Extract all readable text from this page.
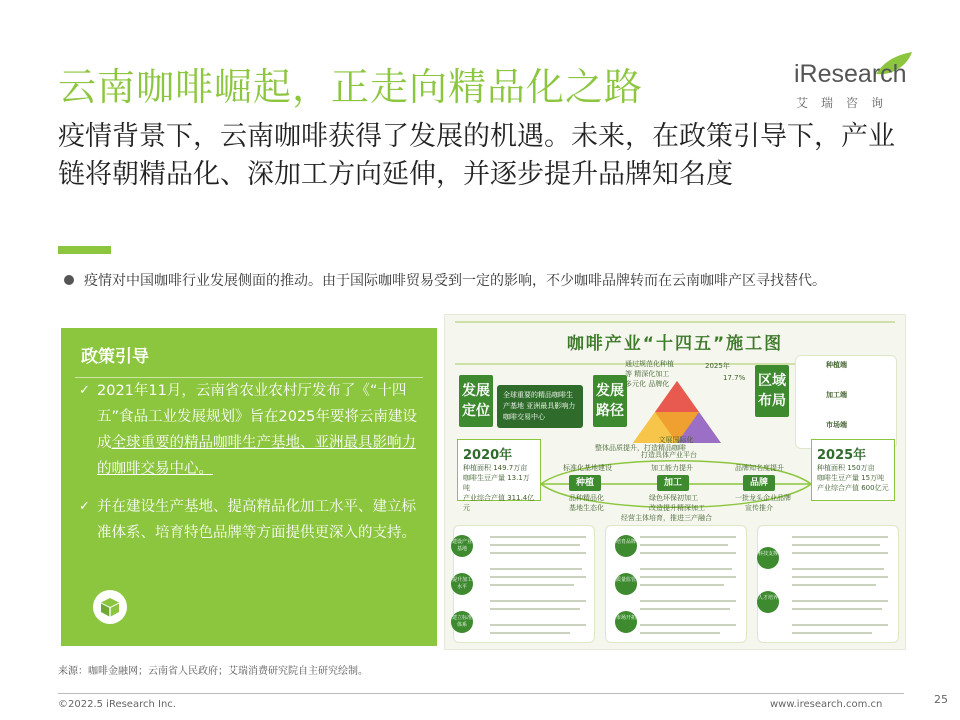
云南咖啡崛起，正走向精品化之路	iResearch
艾瑞咨询
疫情背景下，云南咖啡获得了发展的机遇。未来，在政策引导下，产业链将朝精品化、深加工方向延伸，并逐步提升品牌知名度
疫情对中国咖啡行业发展侧面的推动。由于国际咖啡贸易受到一定的影响，不少咖啡品牌转而在云南咖啡产区寻找替代。
政策引导
✓ 2021年11月，云南省农业农村厅发布了《“十四五”食品工业发展规划》旨在2025年要将云南建设成全球重要的精品咖啡生产基地、亚洲最具影响力的咖啡交易中心。
✓ 并在建设生产基地、提高精品化加工水平、建立标准体系、培育特色品牌等方面提供更深入的支持。
咖啡产业“十四五”施工图
发展定位
全球重要的精品咖啡生产基地 亚洲最具影响力咖啡交易中心
发展路径
文展国际化
通过规范化种植等 精深化加工 多元化 品牌化
2025年
17.7% 区域布局
种植端
加工端
市场端
打造具体产业平台
2020年
种植面积 149.7万亩
咖啡生豆产量 13.1万吨
产业综合产值 311.4亿元
2025年
种植面积 150万亩
咖啡生豆产量 15万吨
产业综合产值 600亿元
整体品质提升，打造精品咖啡
种植	加工	品牌
标准化基地建设
品种精品化
基地生态化
加工能力提升
绿色环保初加工
改造提升精深加工
品牌知名度提升
一批龙头企业品牌
宣传推介
经营主体培育，推进三产融合
建设产业基地
提升加工水平
建立标准体系
培育品牌
质量监管
市场开拓
科技支撑
人才培养
来源：咖啡金融网；云南省人民政府；艾瑞消费研究院自主研究绘制。
©2022.5 iResearch Inc.	www.iresearch.com.cn	25
